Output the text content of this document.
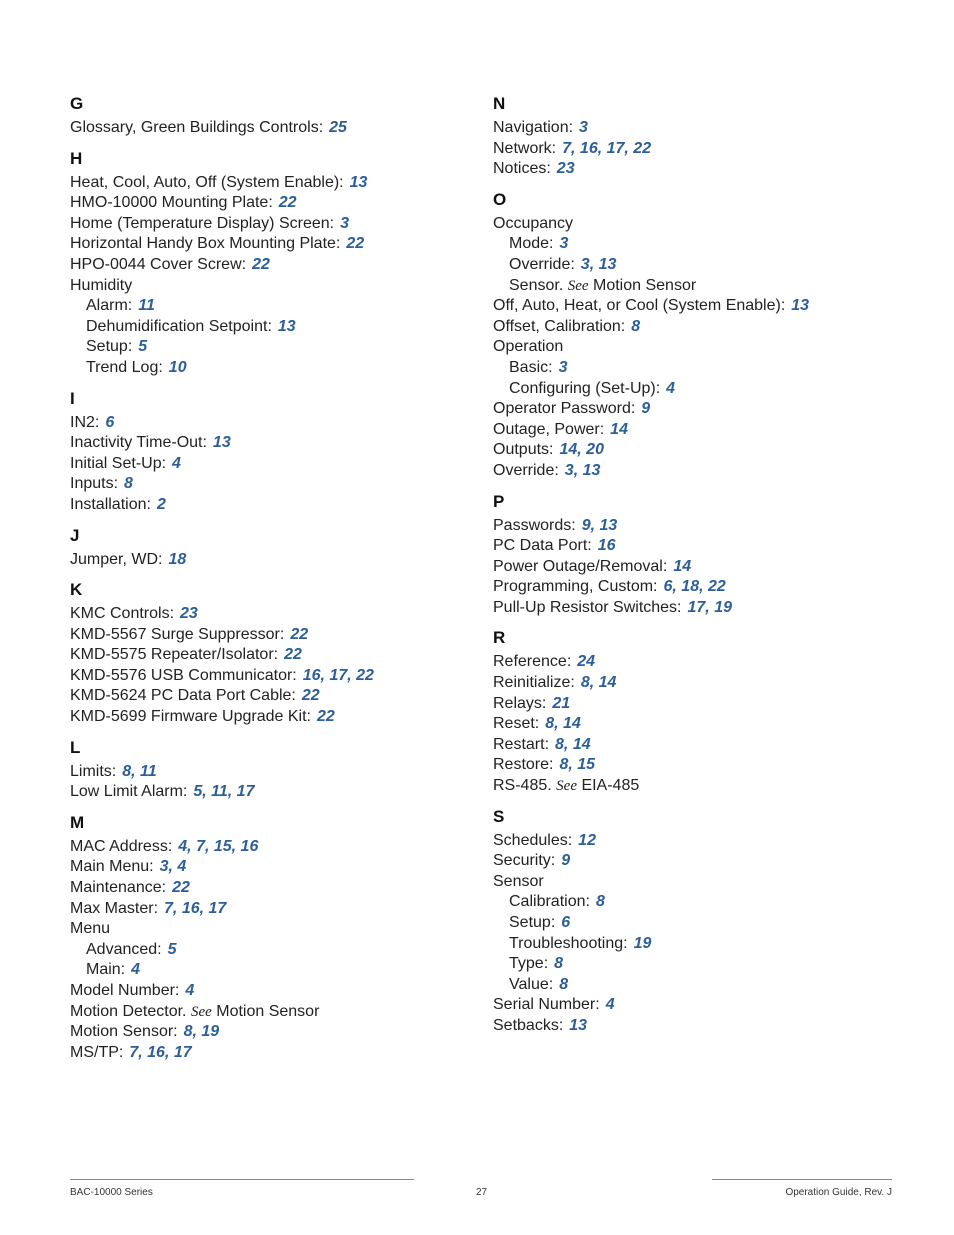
G
Glossary, Green Buildings Controls: 25
H
Heat, Cool, Auto, Off (System Enable): 13
HMO-10000 Mounting Plate: 22
Home (Temperature Display) Screen: 3
Horizontal Handy Box Mounting Plate: 22
HPO-0044 Cover Screw: 22
Humidity
Alarm: 11
Dehumidification Setpoint: 13
Setup: 5
Trend Log: 10
I
IN2: 6
Inactivity Time-Out: 13
Initial Set-Up: 4
Inputs: 8
Installation: 2
J
Jumper, WD: 18
K
KMC Controls: 23
KMD-5567 Surge Suppressor: 22
KMD-5575 Repeater/Isolator: 22
KMD-5576 USB Communicator: 16, 17, 22
KMD-5624 PC Data Port Cable: 22
KMD-5699 Firmware Upgrade Kit: 22
L
Limits: 8, 11
Low Limit Alarm: 5, 11, 17
M
MAC Address: 4, 7, 15, 16
Main Menu: 3, 4
Maintenance: 22
Max Master: 7, 16, 17
Menu
Advanced: 5
Main: 4
Model Number: 4
Motion Detector. See Motion Sensor
Motion Sensor: 8, 19
MS/TP: 7, 16, 17
N
Navigation: 3
Network: 7, 16, 17, 22
Notices: 23
O
Occupancy
Mode: 3
Override: 3, 13
Sensor. See Motion Sensor
Off, Auto, Heat, or Cool (System Enable): 13
Offset, Calibration: 8
Operation
Basic: 3
Configuring (Set-Up): 4
Operator Password: 9
Outage, Power: 14
Outputs: 14, 20
Override: 3, 13
P
Passwords: 9, 13
PC Data Port: 16
Power Outage/Removal: 14
Programming, Custom: 6, 18, 22
Pull-Up Resistor Switches: 17, 19
R
Reference: 24
Reinitialize: 8, 14
Relays: 21
Reset: 8, 14
Restart: 8, 14
Restore: 8, 15
RS-485. See EIA-485
S
Schedules: 12
Security: 9
Sensor
Calibration: 8
Setup: 6
Troubleshooting: 19
Type: 8
Value: 8
Serial Number: 4
Setbacks: 13
BAC-10000 Series	27	Operation Guide, Rev. J
